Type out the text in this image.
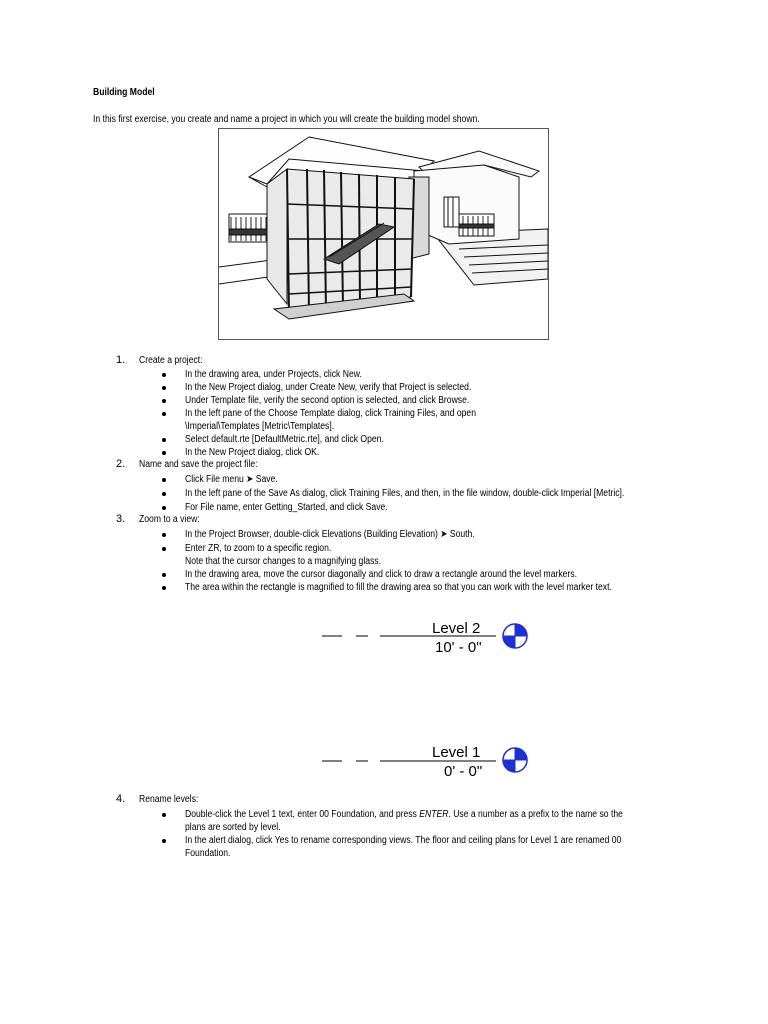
Building Model
In this first exercise, you create and name a project in which you will create the building model shown.
1. Create a project:
In the drawing area, under Projects, click New.
In the New Project dialog, under Create New, verify that Project is selected.
Under Template file, verify the second option is selected, and click Browse.
In the left pane of the Choose Template dialog, click Training Files, and open
\Imperial\Templates [Metric\Templates].
Select default.rte [DefaultMetric.rte], and click Open.
In the New Project dialog, click OK.
2. Name and save the project file:
Click File menu ➤ Save.
In the left pane of the Save As dialog, click Training Files, and then, in the file window, double-click Imperial [Metric].
For File name, enter Getting_Started, and click Save.
3. Zoom to a view:
In the Project Browser, double-click Elevations (Building Elevation) ➤ South.
Enter ZR, to zoom to a specific region.
Note that the cursor changes to a magnifying glass.
In the drawing area, move the cursor diagonally and click to draw a rectangle around the level markers.
The area within the rectangle is magnified to fill the drawing area so that you can work with the level marker text.
Level 2
10' - 0"
Level 1
0' - 0"
4. Rename levels:
Double-click the Level 1 text, enter 00 Foundation, and press ENTER. Use a number as a prefix to the name so the
plans are sorted by level.
In the alert dialog, click Yes to rename corresponding views. The floor and ceiling plans for Level 1 are renamed 00
Foundation.
